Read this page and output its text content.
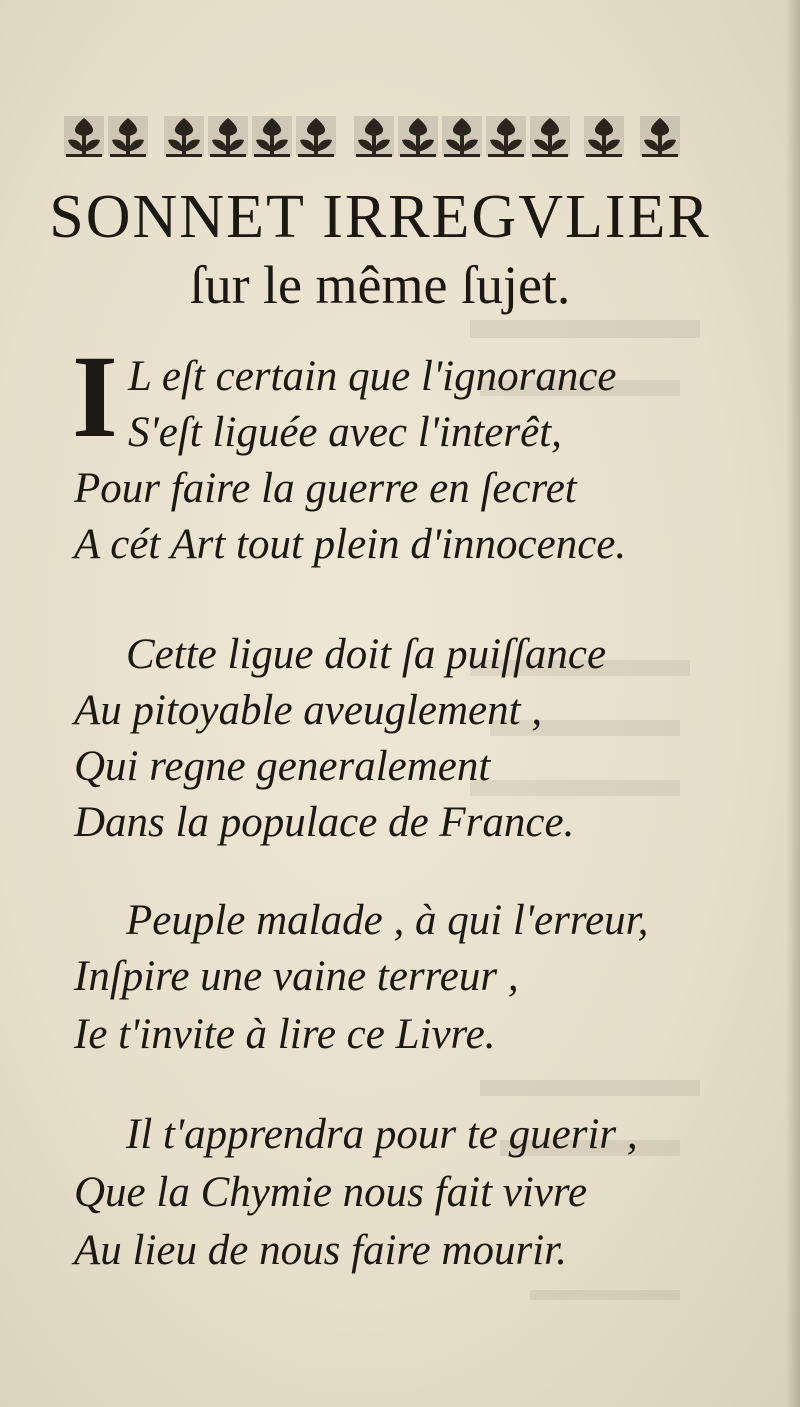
SONNET IRREGVLIER
ſur le même ſujet.
I L eſt certain que l'ignorance
S'eſt liguée avec l'interêt,
Pour faire la guerre en ſecret
A cét Art tout plein d'innocence.
Cette ligue doit ſa puiſſance
Au pitoyable aveuglement ,
Qui regne generalement
Dans la populace de France.
Peuple malade , à qui l'erreur,
Inſpire une vaine terreur ,
Ie t'invite à lire ce Livre.
Il t'apprendra pour te guerir ,
Que la Chymie nous fait vivre
Au lieu de nous faire mourir.
